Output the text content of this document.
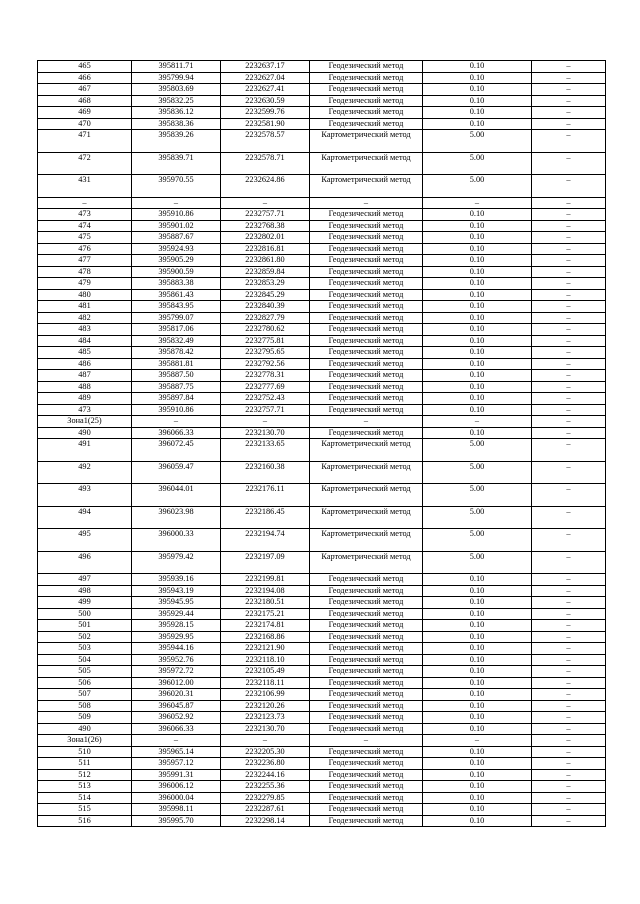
465	395811.71	2232637.17	Геодезический метод	0.10	–
466	395799.94	2232627.04	Геодезический метод	0.10	–
467	395803.69	2232627.41	Геодезический метод	0.10	–
468	395832.25	2232630.59	Геодезический метод	0.10	–
469	395836.12	2232599.76	Геодезический метод	0.10	–
470	395838.36	2232581.90	Геодезический метод	0.10	–
471	395839.26	2232578.57	Картометрический метод	5.00	–
472	395839.71	2232578.71	Картометрический метод	5.00	–
431	395970.55	2232624.86	Картометрический метод	5.00	–
–	–	–	–	–	–
473	395910.86	2232757.71	Геодезический метод	0.10	–
474	395901.02	2232768.38	Геодезический метод	0.10	–
475	395887.67	2232802.01	Геодезический метод	0.10	–
476	395924.93	2232816.81	Геодезический метод	0.10	–
477	395905.29	2232861.80	Геодезический метод	0.10	–
478	395900.59	2232859.84	Геодезический метод	0.10	–
479	395883.38	2232853.29	Геодезический метод	0.10	–
480	395861.43	2232845.29	Геодезический метод	0.10	–
481	395843.95	2232840.39	Геодезический метод	0.10	–
482	395799.07	2232827.79	Геодезический метод	0.10	–
483	395817.06	2232780.62	Геодезический метод	0.10	–
484	395832.49	2232775.81	Геодезический метод	0.10	–
485	395878.42	2232795.65	Геодезический метод	0.10	–
486	395881.81	2232792.56	Геодезический метод	0.10	–
487	395887.50	2232778.31	Геодезический метод	0.10	–
488	395887.75	2232777.69	Геодезический метод	0.10	–
489	395897.84	2232752.43	Геодезический метод	0.10	–
473	395910.86	2232757.71	Геодезический метод	0.10	–
Зона1(25)	–	–	–	–	–
490	396066.33	2232130.70	Геодезический метод	0.10	–
491	396072.45	2232133.65	Картометрический метод	5.00	–
492	396059.47	2232160.38	Картометрический метод	5.00	–
493	396044.01	2232176.11	Картометрический метод	5.00	–
494	396023.98	2232186.45	Картометрический метод	5.00	–
495	396000.33	2232194.74	Картометрический метод	5.00	–
496	395979.42	2232197.09	Картометрический метод	5.00	–
497	395939.16	2232199.81	Геодезический метод	0.10	–
498	395943.19	2232194.08	Геодезический метод	0.10	–
499	395945.95	2232180.51	Геодезический метод	0.10	–
500	395929.44	2232175.21	Геодезический метод	0.10	–
501	395928.15	2232174.81	Геодезический метод	0.10	–
502	395929.95	2232168.86	Геодезический метод	0.10	–
503	395944.16	2232121.90	Геодезический метод	0.10	–
504	395952.76	2232118.10	Геодезический метод	0.10	–
505	395972.72	2232105.49	Геодезический метод	0.10	–
506	396012.00	2232118.11	Геодезический метод	0.10	–
507	396020.31	2232106.99	Геодезический метод	0.10	–
508	396045.87	2232120.26	Геодезический метод	0.10	–
509	396052.92	2232123.73	Геодезический метод	0.10	–
490	396066.33	2232130.70	Геодезический метод	0.10	–
Зона1(26)	–	–	–	–	–
510	395965.14	2232205.30	Геодезический метод	0.10	–
511	395957.12	2232236.80	Геодезический метод	0.10	–
512	395991.31	2232244.16	Геодезический метод	0.10	–
513	396006.12	2232255.36	Геодезический метод	0.10	–
514	396000.04	2232279.85	Геодезический метод	0.10	–
515	395998.11	2232287.61	Геодезический метод	0.10	–
516	395995.70	2232298.14	Геодезический метод	0.10	–
